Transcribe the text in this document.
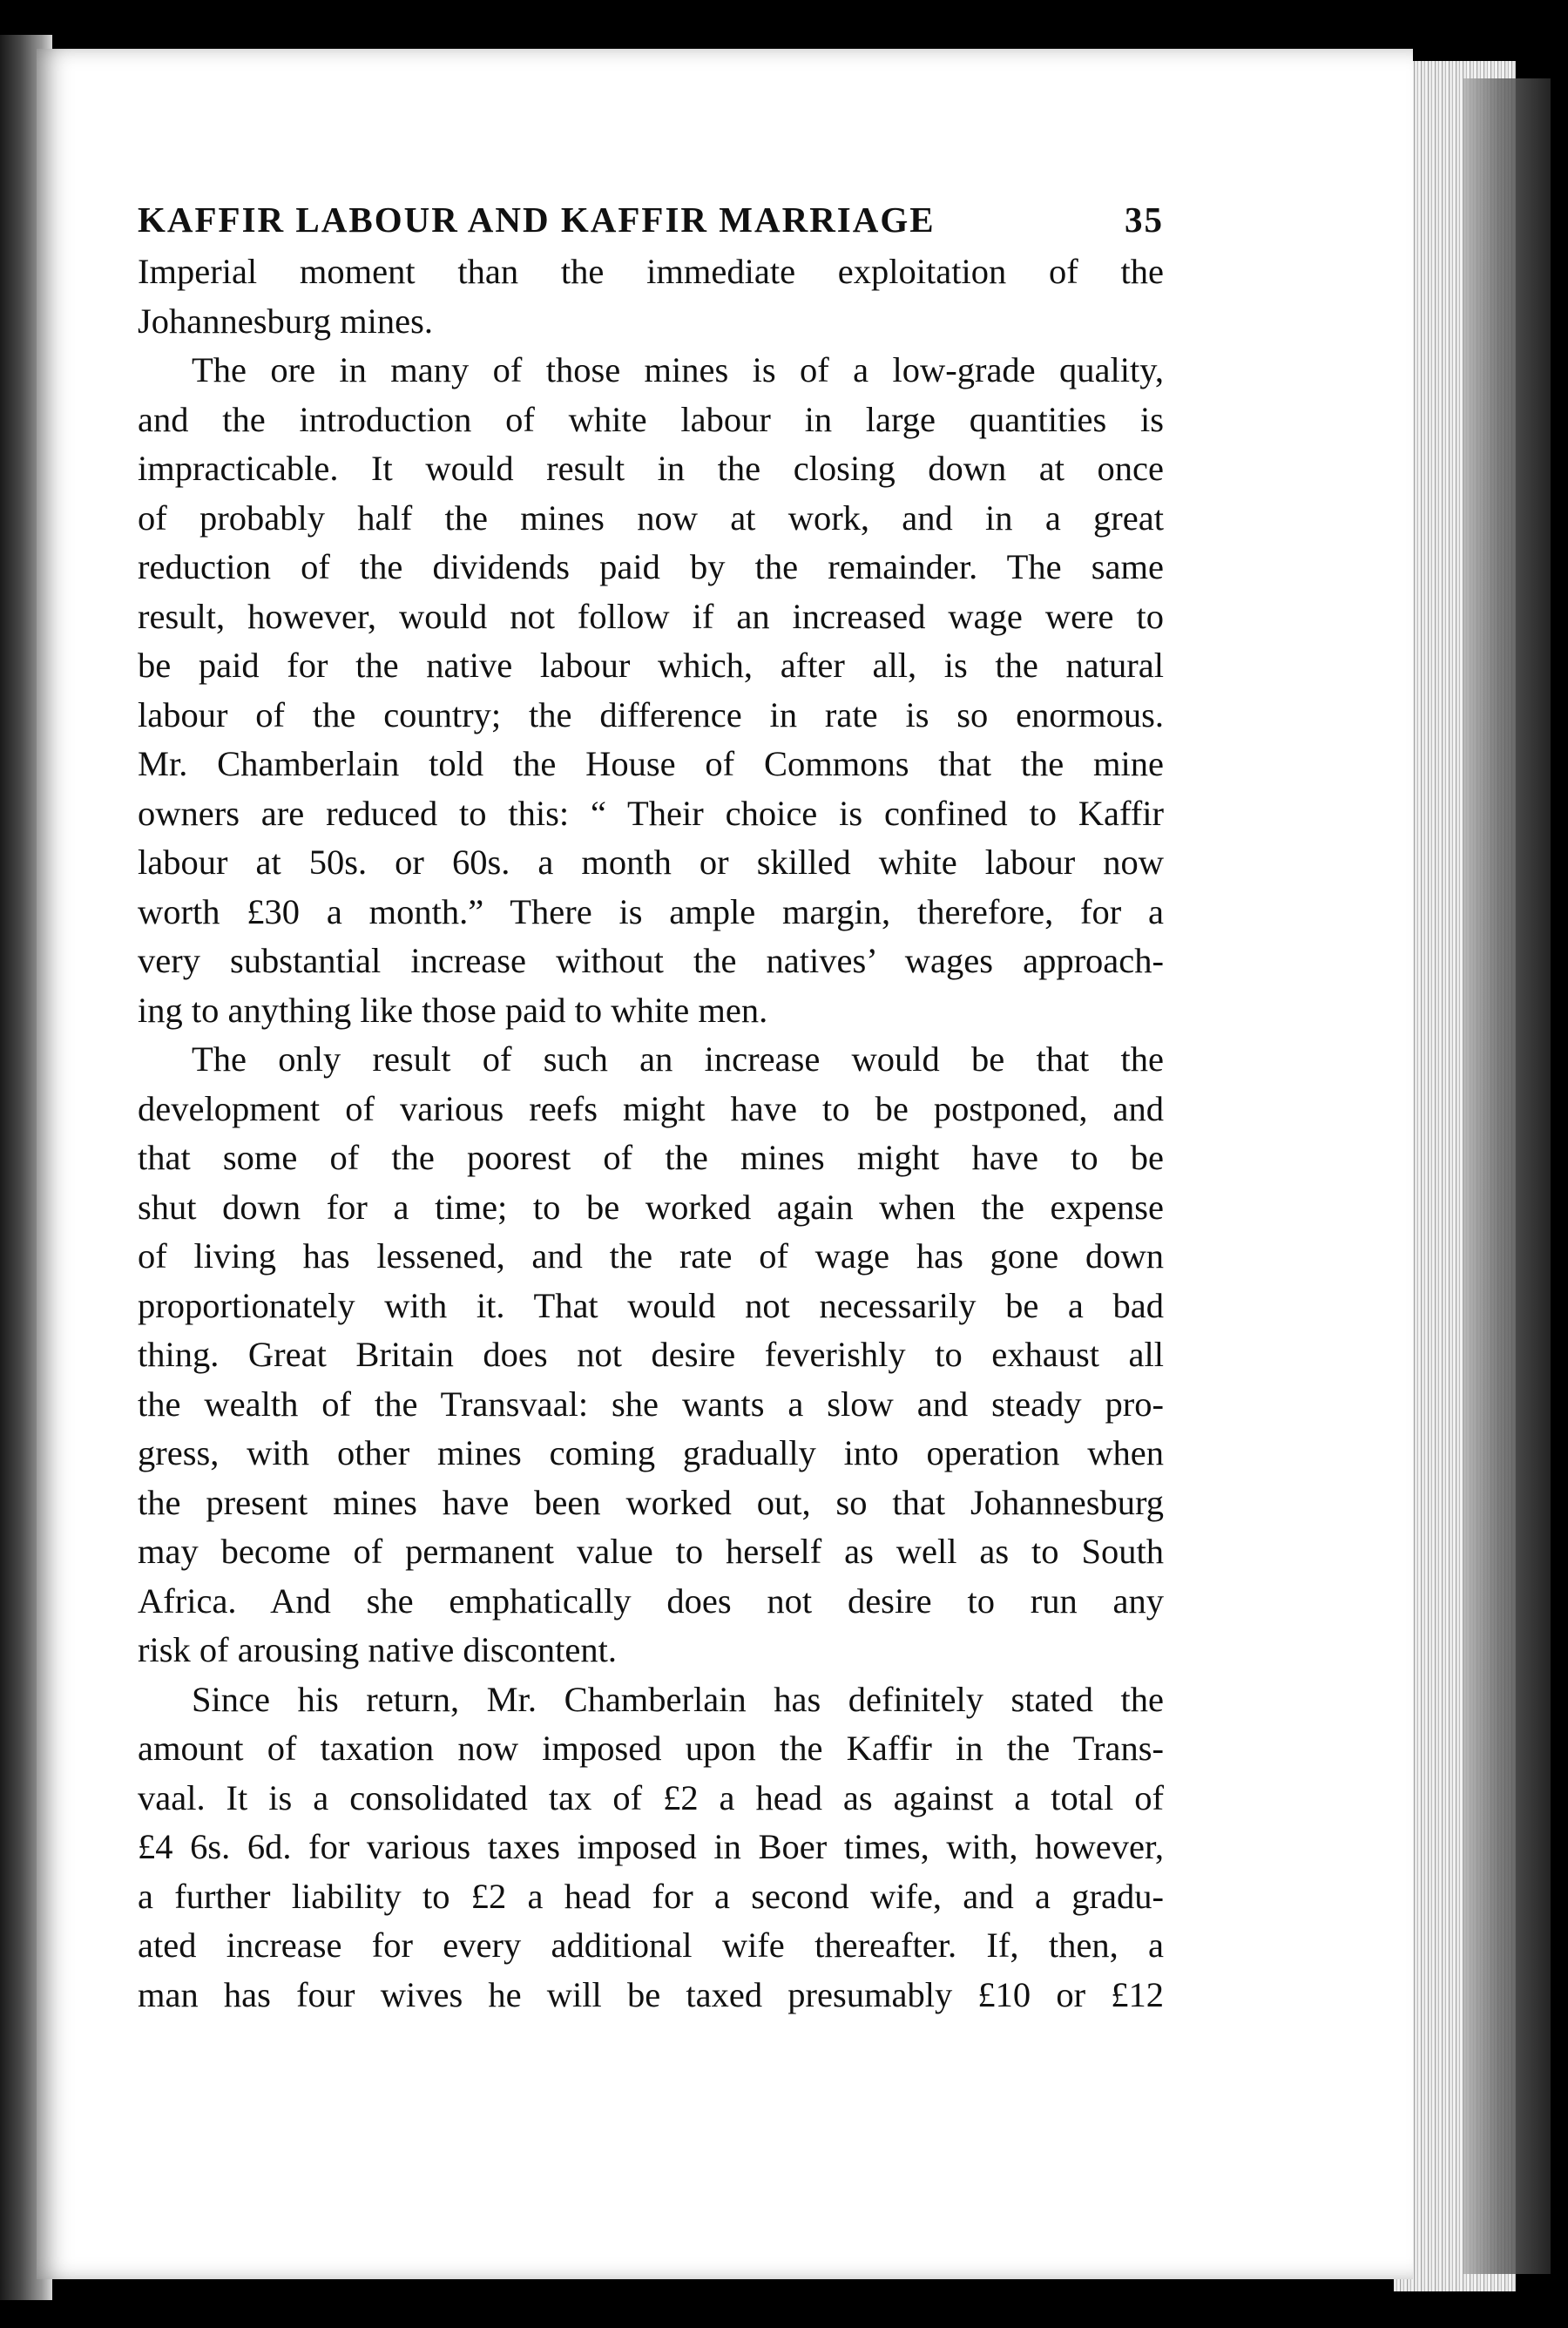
KAFFIR LABOUR AND KAFFIR MARRIAGE	35
Imperial moment than the immediate exploitation of the
Johannesburg mines.
The ore in many of those mines is of a low-grade quality,
and the introduction of white labour in large quantities is
impracticable. It would result in the closing down at once
of probably half the mines now at work, and in a great
reduction of the dividends paid by the remainder. The same
result, however, would not follow if an increased wage were to
be paid for the native labour which, after all, is the natural
labour of the country; the difference in rate is so enormous.
Mr. Chamberlain told the House of Commons that the mine
owners are reduced to this: “ Their choice is confined to Kaffir
labour at 50s. or 60s. a month or skilled white labour now
worth £30 a month.” There is ample margin, therefore, for a
very substantial increase without the natives’ wages approach-
ing to anything like those paid to white men.
The only result of such an increase would be that the
development of various reefs might have to be postponed, and
that some of the poorest of the mines might have to be
shut down for a time; to be worked again when the expense
of living has lessened, and the rate of wage has gone down
proportionately with it. That would not necessarily be a bad
thing. Great Britain does not desire feverishly to exhaust all
the wealth of the Transvaal: she wants a slow and steady pro-
gress, with other mines coming gradually into operation when
the present mines have been worked out, so that Johannesburg
may become of permanent value to herself as well as to South
Africa. And she emphatically does not desire to run any
risk of arousing native discontent.
Since his return, Mr. Chamberlain has definitely stated the
amount of taxation now imposed upon the Kaffir in the Trans-
vaal. It is a consolidated tax of £2 a head as against a total of
£4 6s. 6d. for various taxes imposed in Boer times, with, however,
a further liability to £2 a head for a second wife, and a gradu-
ated increase for every additional wife thereafter. If, then, a
man has four wives he will be taxed presumably £10 or £12
